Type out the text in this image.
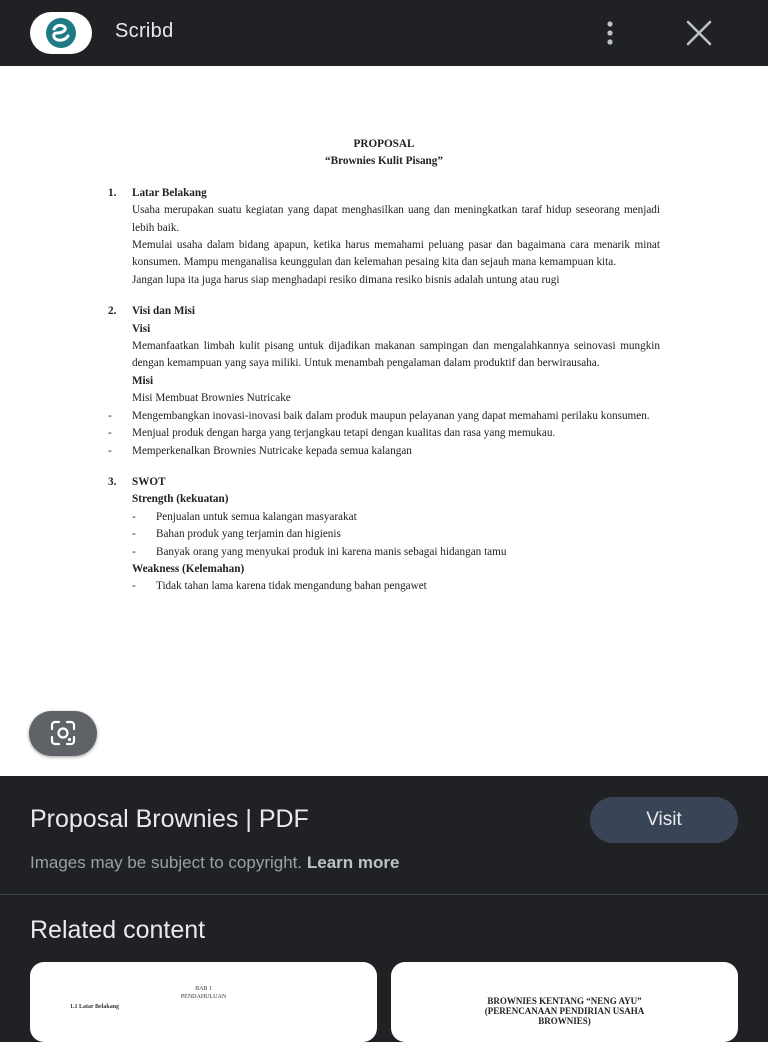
Scribd
PROPOSAL
“Brownies Kulit Pisang”
1.	Latar Belakang
Usaha merupakan suatu kegiatan yang dapat menghasilkan uang dan meningkatkan taraf hidup seseorang menjadi lebih baik.
Memulai usaha dalam bidang apapun, ketika harus memahami peluang pasar dan bagaimana cara menarik minat konsumen. Mampu menganalisa keunggulan dan kelemahan pesaing kita dan sejauh mana kemampuan kita.
Jangan lupa ita juga harus siap menghadapi resiko dimana resiko bisnis adalah untung atau rugi
2.	Visi dan Misi
Visi
Memanfaatkan limbah kulit pisang untuk dijadikan makanan sampingan dan mengalahkannya seinovasi mungkin dengan kemampuan yang saya miliki. Untuk menambah pengalaman dalam produktif dan berwirausaha.
Misi
Misi Membuat Brownies Nutricake
-	Mengembangkan inovasi-inovasi baik dalam produk maupun pelayanan yang dapat memahami perilaku konsumen.
-	Menjual produk dengan harga yang terjangkau tetapi dengan kualitas dan rasa yang memukau.
-	Memperkenalkan Brownies Nutricake kepada semua kalangan
3.	SWOT
Strength (kekuatan)
-	Penjualan untuk semua kalangan masyarakat
-	Bahan produk yang terjamin dan higienis
-	Banyak orang yang menyukai produk ini karena manis sebagai hidangan tamu
Weakness (Kelemahan)
-	Tidak tahan lama karena tidak mengandung bahan pengawet
Proposal Brownies | PDF	Visit
Images may be subject to copyright. Learn more
Related content
BAB 1
PENDAHULUAN
1.1 Latar Belakang
BROWNIES KENTANG “NENG AYU”
(PERENCANAAN PENDIRIAN USAHA
BROWNIES)
